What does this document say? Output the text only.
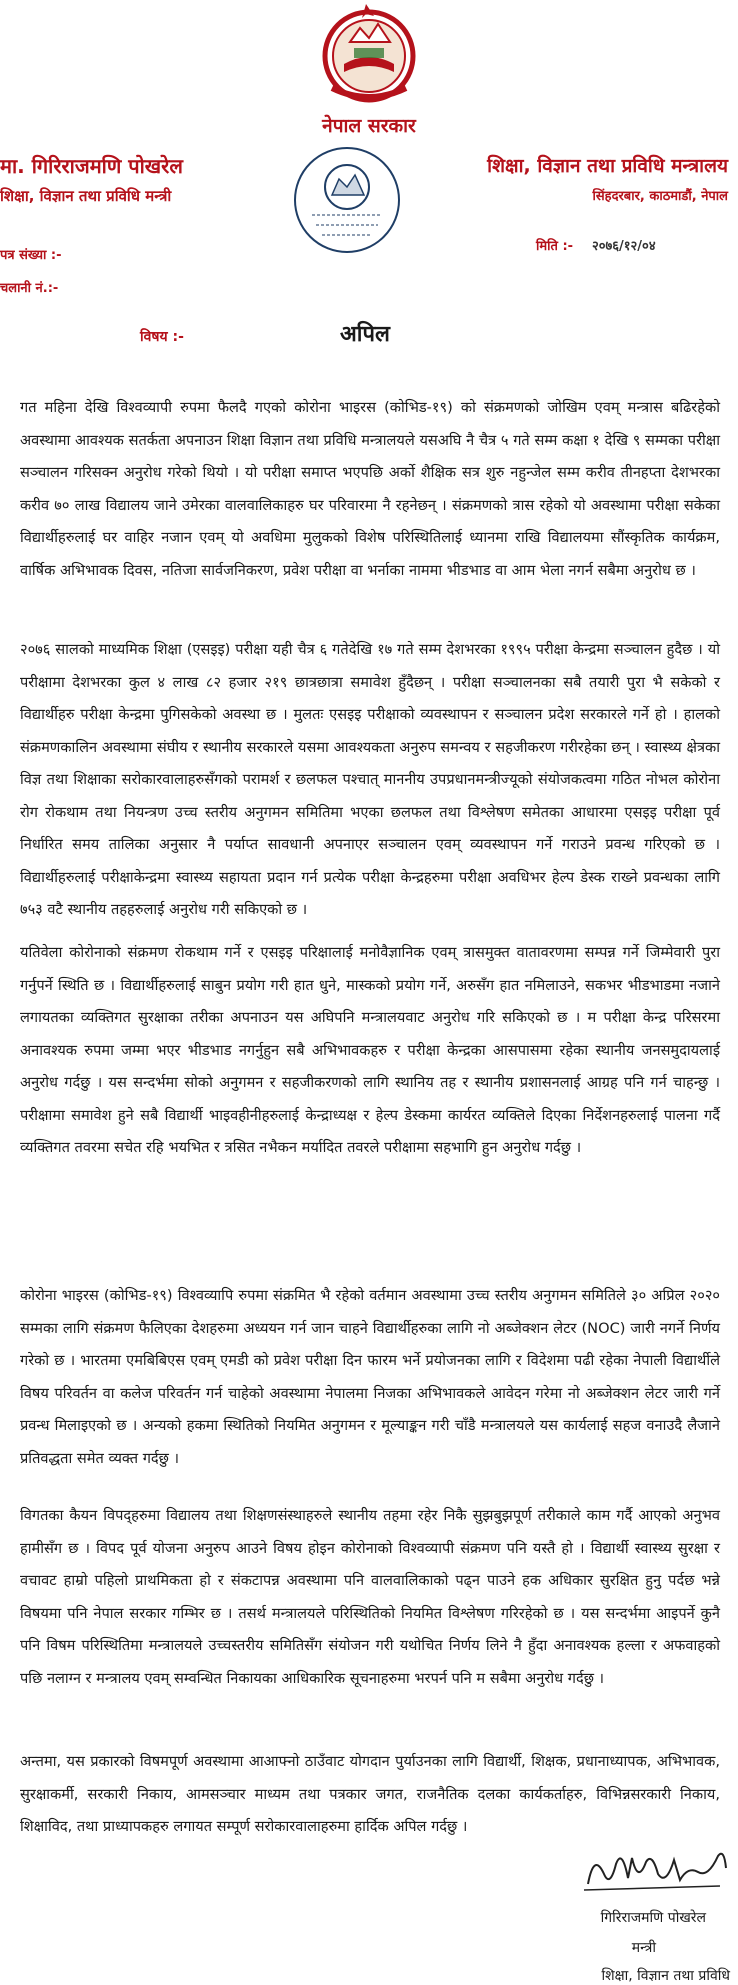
नेपाल सरकार
मा. गिरिराजमणि पोखरेल
शिक्षा, विज्ञान तथा प्रविधि मन्त्री
शिक्षा, विज्ञान तथा प्रविधि मन्त्रालय
सिंहदरबार, काठमाडौं, नेपाल
पत्र संख्या :-
चलानी नं.:-
मिति :- २०७६/१२/०४
विषय :-	अपिल

गत महिना देखि विश्वव्यापी रुपमा फैलदै गएको कोरोना भाइरस (कोभिड-१९) को संक्रमणको जोखिम एवम् मन्त्रास बढिरहेको अवस्थामा आवश्यक सतर्कता अपनाउन शिक्षा विज्ञान तथा प्रविधि मन्त्रालयले यसअघि नै चैत्र ५ गते सम्म कक्षा १ देखि ९ सम्मका परीक्षा सञ्चालन गरिसक्न अनुरोध गरेको थियो । यो परीक्षा समाप्त भएपछि अर्को शैक्षिक सत्र शुरु नहुन्जेल सम्म करीव तीनहप्ता देशभरका करीव ७० लाख विद्यालय जाने उमेरका वालवालिकाहरु घर परिवारमा नै रहनेछन् । संक्रमणको त्रास रहेको यो अवस्थामा परीक्षा सकेका विद्यार्थीहरुलाई घर वाहिर नजान एवम् यो अवधिमा मुलुकको विशेष परिस्थितिलाई ध्यानमा राखि विद्यालयमा सौंस्कृतिक कार्यक्रम, वार्षिक अभिभावक दिवस, नतिजा सार्वजनिकरण, प्रवेश परीक्षा वा भर्नाका नाममा भीडभाड वा आम भेला नगर्न सबैमा अनुरोध छ ।

२०७६ सालको माध्यमिक शिक्षा (एसइइ) परीक्षा यही चैत्र ६ गतेदेखि १७ गते सम्म देशभरका १९९५ परीक्षा केन्द्रमा सञ्चालन हुदैछ । यो परीक्षामा देशभरका कुल ४ लाख ८२ हजार २१९ छात्रछात्रा समावेश हुँदैछन् । परीक्षा सञ्चालनका सबै तयारी पुरा भै सकेको र विद्यार्थीहरु परीक्षा केन्द्रमा पुगिसकेको अवस्था छ । मुलतः एसइइ परीक्षाको व्यवस्थापन र सञ्चालन प्रदेश सरकारले गर्ने हो । हालको संक्रमणकालिन अवस्थामा संघीय र स्थानीय सरकारले यसमा आवश्यकता अनुरुप समन्वय र सहजीकरण गरीरहेका छन् । स्वास्थ्य क्षेत्रका विज्ञ तथा शिक्षाका सरोकारवालाहरुसँगको परामर्श र छलफल पश्चात् माननीय उपप्रधानमन्त्रीज्यूको संयोजकत्वमा गठित नोभल कोरोना रोग रोकथाम तथा नियन्त्रण उच्च स्तरीय अनुगमन समितिमा भएका छलफल तथा विश्लेषण समेतका आधारमा एसइइ परीक्षा पूर्व निर्धारित समय तालिका अनुसार नै पर्याप्त सावधानी अपनाएर सञ्चालन एवम् व्यवस्थापन गर्ने गराउने प्रवन्ध गरिएको छ । विद्यार्थीहरुलाई परीक्षाकेन्द्रमा स्वास्थ्य सहायता प्रदान गर्न प्रत्येक परीक्षा केन्द्रहरुमा परीक्षा अवधिभर हेल्प डेस्क राख्ने प्रवन्धका लागि ७५३ वटै स्थानीय तहहरुलाई अनुरोध गरी सकिएको छ ।

यतिवेला कोरोनाको संक्रमण रोकथाम गर्ने र एसइइ परिक्षालाई मनोवैज्ञानिक एवम् त्रासमुक्त वातावरणमा सम्पन्न गर्ने जिम्मेवारी पुरा गर्नुपर्ने स्थिति छ । विद्यार्थीहरुलाई साबुन प्रयोग गरी हात धुने, मास्कको प्रयोग गर्ने, अरुसँग हात नमिलाउने, सकभर भीडभाडमा नजाने लगायतका व्यक्तिगत सुरक्षाका तरीका अपनाउन यस अघिपनि मन्त्रालयवाट अनुरोध गरि सकिएको छ । म परीक्षा केन्द्र परिसरमा अनावश्यक रुपमा जम्मा भएर भीडभाड नगर्नुहुन सबै अभिभावकहरु र परीक्षा केन्द्रका आसपासमा रहेका स्थानीय जनसमुदायलाई अनुरोध गर्दछु । यस सन्दर्भमा सोको अनुगमन र सहजीकरणको लागि स्थानिय तह र स्थानीय प्रशासनलाई आग्रह पनि गर्न चाहन्छु । परीक्षामा समावेश हुने सबै विद्यार्थी भाइवहीनीहरुलाई केन्द्राध्यक्ष र हेल्प डेस्कमा कार्यरत व्यक्तिले दिएका निर्देशनहरुलाई पालना गर्दै व्यक्तिगत तवरमा सचेत रहि भयभित र त्रसित नभैकन मर्यादित तवरले परीक्षामा सहभागि हुन अनुरोध गर्दछु ।

कोरोना भाइरस (कोभिड-१९) विश्वव्यापि रुपमा संक्रमित भै रहेको वर्तमान अवस्थामा उच्च स्तरीय अनुगमन समितिले ३० अप्रिल २०२० सम्मका लागि संक्रमण फैलिएका देशहरुमा अध्ययन गर्न जान चाहने विद्यार्थीहरुका लागि नो अब्जेक्शन लेटर (NOC) जारी नगर्ने निर्णय गरेको छ । भारतमा एमबिबिएस एवम् एमडी को प्रवेश परीक्षा दिन फारम भर्ने प्रयोजनका लागि र विदेशमा पढी रहेका नेपाली विद्यार्थीले विषय परिवर्तन वा कलेज परिवर्तन गर्न चाहेको अवस्थामा नेपालमा निजका अभिभावकले आवेदन गरेमा नो अब्जेक्शन लेटर जारी गर्ने प्रवन्ध मिलाइएको छ । अन्यको हकमा स्थितिको नियमित अनुगमन र मूल्याङ्कन गरी चाँडै मन्त्रालयले यस कार्यलाई सहज वनाउदै लैजाने प्रतिवद्धता समेत व्यक्त गर्दछु ।

विगतका कैयन विपद्हरुमा विद्यालय तथा शिक्षणसंस्थाहरुले स्थानीय तहमा रहेर निकै सुझबुझपूर्ण तरीकाले काम गर्दै आएको अनुभव हामीसँग छ । विपद पूर्व योजना अनुरुप आउने विषय होइन कोरोनाको विश्वव्यापी संक्रमण पनि यस्तै हो । विद्यार्थी स्वास्थ्य सुरक्षा र वचावट हाम्रो पहिलो प्राथमिकता हो र संकटापन्न अवस्थामा पनि वालवालिकाको पढ्न पाउने हक अधिकार सुरक्षित हुनु पर्दछ भन्ने विषयमा पनि नेपाल सरकार गम्भिर छ । तसर्थ मन्त्रालयले परिस्थितिको नियमित विश्लेषण गरिरहेको छ । यस सन्दर्भमा आइपर्ने कुनै पनि विषम परिस्थितिमा मन्त्रालयले उच्चस्तरीय समितिसँग संयोजन गरी यथोचित निर्णय लिने नै हुँदा अनावश्यक हल्ला र अफवाहको पछि नलाग्न र मन्त्रालय एवम् सम्वन्धित निकायका आधिकारिक सूचनाहरुमा भरपर्न पनि म सबैमा अनुरोध गर्दछु ।

अन्तमा, यस प्रकारको विषमपूर्ण अवस्थामा आआफ्नो ठाउँवाट योगदान पुर्याउनका लागि विद्यार्थी, शिक्षक, प्रधानाध्यापक, अभिभावक, सुरक्षाकर्मी, सरकारी निकाय, आमसञ्चार माध्यम तथा पत्रकार जगत, राजनैतिक दलका कार्यकर्ताहरु, विभिन्नसरकारी निकाय, शिक्षाविद, तथा प्राध्यापकहरु लगायत सम्पूर्ण सरोकारवालाहरुमा हार्दिक अपिल गर्दछु ।

गिरिराजमणि पोखरेल
मन्त्री
शिक्षा, विज्ञान तथा प्रविधि
